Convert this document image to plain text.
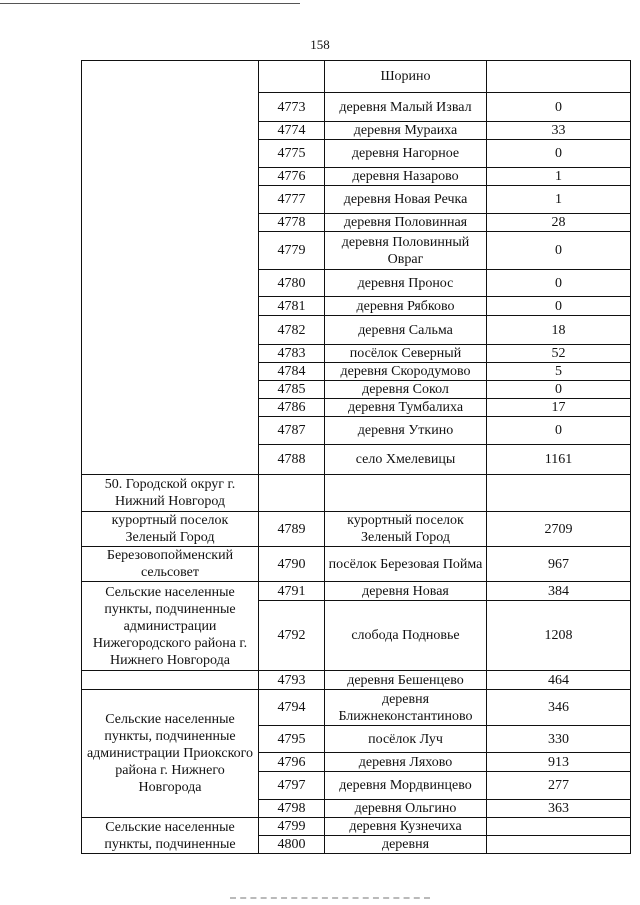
158
		Шорино	
	4773	деревня Малый Извал	0
	4774	деревня Мураиха	33
	4775	деревня Нагорное	0
	4776	деревня Назарово	1
	4777	деревня Новая Речка	1
	4778	деревня Половинная	28
	4779	деревня Половинный Овраг	0
	4780	деревня Пронос	0
	4781	деревня Рябково	0
	4782	деревня Сальма	18
	4783	посёлок Северный	52
	4784	деревня Скородумово	5
	4785	деревня Сокол	0
	4786	деревня Тумбалиха	17
	4787	деревня Уткино	0
	4788	село Хмелевицы	1161
50. Городской округ г. Нижний Новгород			
курортный поселок Зеленый Город	4789	курортный поселок Зеленый Город	2709
Березовопойменский сельсовет	4790	посёлок Березовая Пойма	967
Сельские населенные пункты, подчиненные администрации Нижегородского района г. Нижнего Новгорода	4791	деревня Новая	384
	4792	слобода Подновье	1208
	4793	деревня Бешенцево	464
Сельские населенные пункты, подчиненные администрации Приокского района г. Нижнего Новгорода	4794	деревня Ближнеконстантиново	346
	4795	посёлок Луч	330
	4796	деревня Ляхово	913
	4797	деревня Мордвинцево	277
	4798	деревня Ольгино	363
Сельские населенные пункты, подчиненные	4799	деревня Кузнечиха	
	4800	деревня	
